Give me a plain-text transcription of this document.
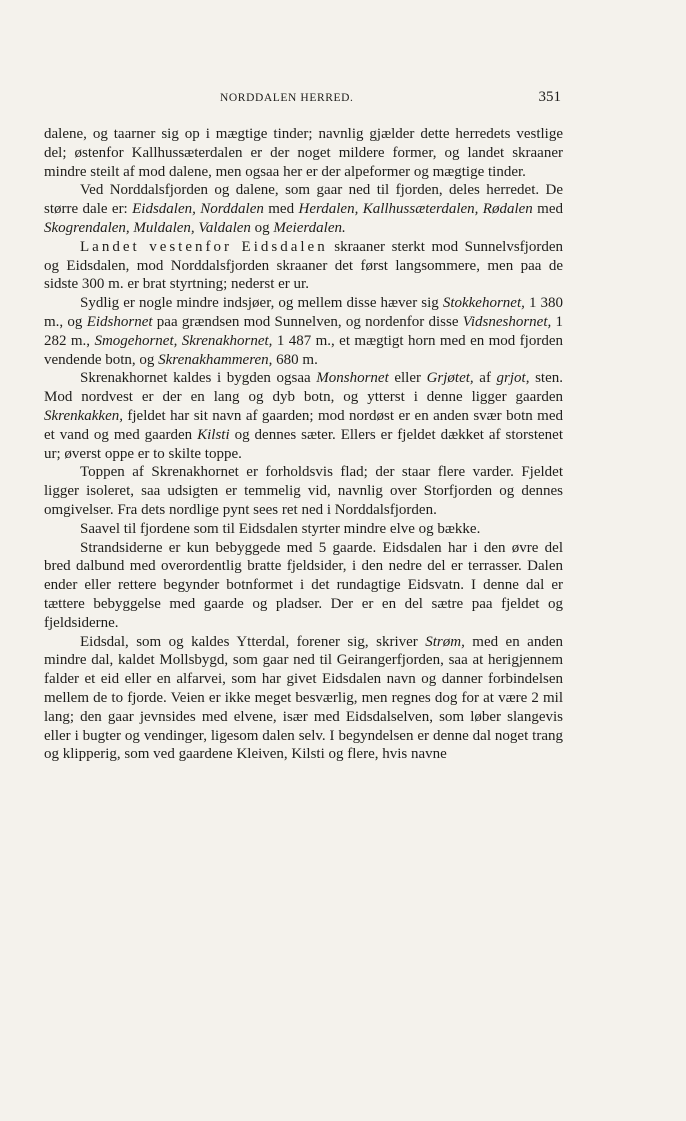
NORDDALEN HERRED.	351

dalene, og taarner sig op i mægtige tinder; navnlig gjælder dette herredets vestlige del; østenfor Kallhussæterdalen er der noget mildere former, og landet skraaner mindre steilt af mod dalene, men ogsaa her er der alpeformer og mægtige tinder.

Ved Norddalsfjorden og dalene, som gaar ned til fjorden, deles herredet. De større dale er: Eidsdalen, Norddalen med Herdalen, Kallhussæterdalen, Rødalen med Skogrendalen, Muldalen, Valdalen og Meierdalen.

Landet vestenfor Eidsdalen skraaner sterkt mod Sunnelvsfjorden og Eidsdalen, mod Norddalsfjorden skraaner det først langsommere, men paa de sidste 300 m. er brat styrtning; nederst er ur.

Sydlig er nogle mindre indsjøer, og mellem disse hæver sig Stokkehornet, 1 380 m., og Eidshornet paa grændsen mod Sunnelven, og nordenfor disse Vidsneshornet, 1 282 m., Smogehornet, Skrenakhornet, 1 487 m., et mægtigt horn med en mod fjorden vendende botn, og Skrenakhammeren, 680 m.

Skrenakhornet kaldes i bygden ogsaa Monshornet eller Grjøtet, af grjot, sten. Mod nordvest er der en lang og dyb botn, og ytterst i denne ligger gaarden Skrenkakken, fjeldet har sit navn af gaarden; mod nordøst er en anden svær botn med et vand og med gaarden Kilsti og dennes sæter. Ellers er fjeldet dækket af storstenet ur; øverst oppe er to skilte toppe.

Toppen af Skrenakhornet er forholdsvis flad; der staar flere varder. Fjeldet ligger isoleret, saa udsigten er temmelig vid, navnlig over Storfjorden og dennes omgivelser. Fra dets nordlige pynt sees ret ned i Norddalsfjorden.

Saavel til fjordene som til Eidsdalen styrter mindre elve og bække.

Strandsiderne er kun bebyggede med 5 gaarde. Eidsdalen har i den øvre del bred dalbund med overordentlig bratte fjeldsider, i den nedre del er terrasser. Dalen ender eller rettere begynder botnformet i det rundagtige Eidsvatn. I denne dal er tættere bebyggelse med gaarde og pladser. Der er en del sætre paa fjeldet og fjeldsiderne.

Eidsdal, som og kaldes Ytterdal, forener sig, skriver Strøm, med en anden mindre dal, kaldet Mollsbygd, som gaar ned til Geirangerfjorden, saa at herigjennem falder et eid eller en alfarvei, som har givet Eidsdalen navn og danner forbindelsen mellem de to fjorde. Veien er ikke meget besværlig, men regnes dog for at være 2 mil lang; den gaar jevnsides med elvene, især med Eidsdalselven, som løber slangevis eller i bugter og vendinger, ligesom dalen selv. I begyndelsen er denne dal noget trang og klipperig, som ved gaardene Kleiven, Kilsti og flere, hvis navne
